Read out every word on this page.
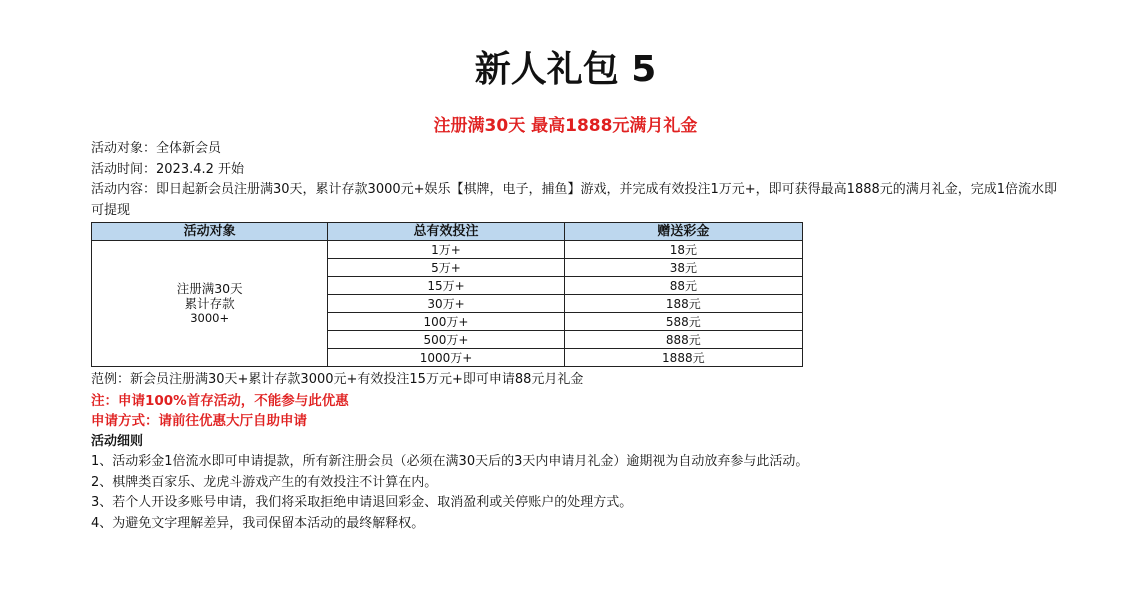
新人礼包 5
注册满30天 最高1888元满月礼金

活动对象：全体新会员

活动时间：2023.4.2 开始

活动内容：即日起新会员注册满30天，累计存款3000元+娱乐【棋牌，电子，捕鱼】游戏，并完成有效投注1万元+，即可获得最高1888元的满月礼金，完成1倍流水即可提现

活动对象	总有效投注	赠送彩金

注册满30天
累计存款
3000+	1万+	18元
	5万+	38元
	15万+	88元
	30万+	188元
	100万+	588元
	500万+	888元
	1000万+	1888元

范例：新会员注册满30天+累计存款3000元+有效投注15万元+即可申请88元月礼金

注：申请100%首存活动，不能参与此优惠

申请方式：请前往优惠大厅自助申请

活动细则

1、活动彩金1倍流水即可申请提款，所有新注册会员（必须在满30天后的3天内申请月礼金）逾期视为自动放弃参与此活动。

2、棋牌类百家乐、龙虎斗游戏产生的有效投注不计算在内。

3、若个人开设多账号申请，我们将采取拒绝申请退回彩金、取消盈利或关停账户的处理方式。

4、为避免文字理解差异，我司保留本活动的最终解释权。
